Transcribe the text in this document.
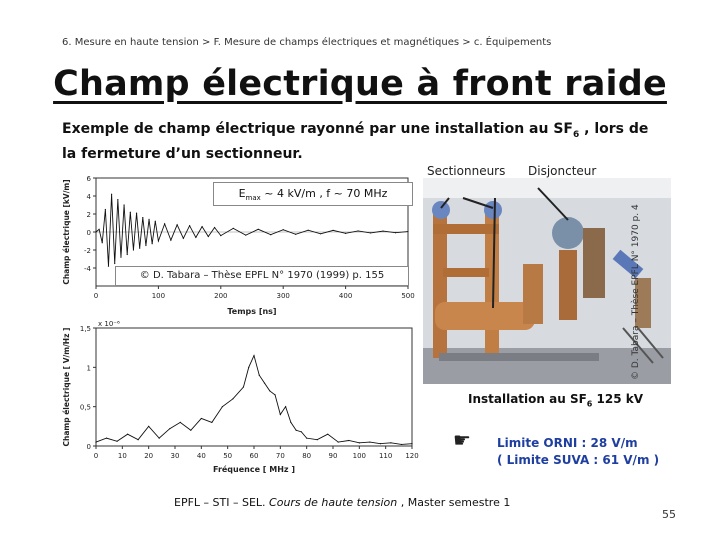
6. Mesure en haute tension > F. Mesure de champs électriques et magnétiques > c. Équipements
Champ électrique à front raide
Exemple de champ électrique rayonné par une installation au $SF_6$ , lors de la fermeture d’un sectionneur.
Sectionneurs Disjoncteur
© D. Tabara – Thèse EPFL N° 1970 p. 4
Installation au $SF_6$ 125 kV
0	100	200	300	400	500
-4
-2
0
2
4
6
Temps [ns]
Champ électrique [kV/m]
0	10 20 30 40 50 60 70 80 90 100 110 120
0
0,5
1
1,5
Fréquence [ MHz ]
Champ électrique [ V/m/Hz ]
x 10⁻⁶
$E_{max}$ ~ 4 kV/m , f ~ 70 MHz
© D. Tabara – Thèse EPFL N° 1970 (1999) p. 155
☛ Limite ORNI : 28 V/m
( Limite SUVA : 61 V/m )
EPFL – STI – SEL. Cours de haute tension , Master semestre 1
55
